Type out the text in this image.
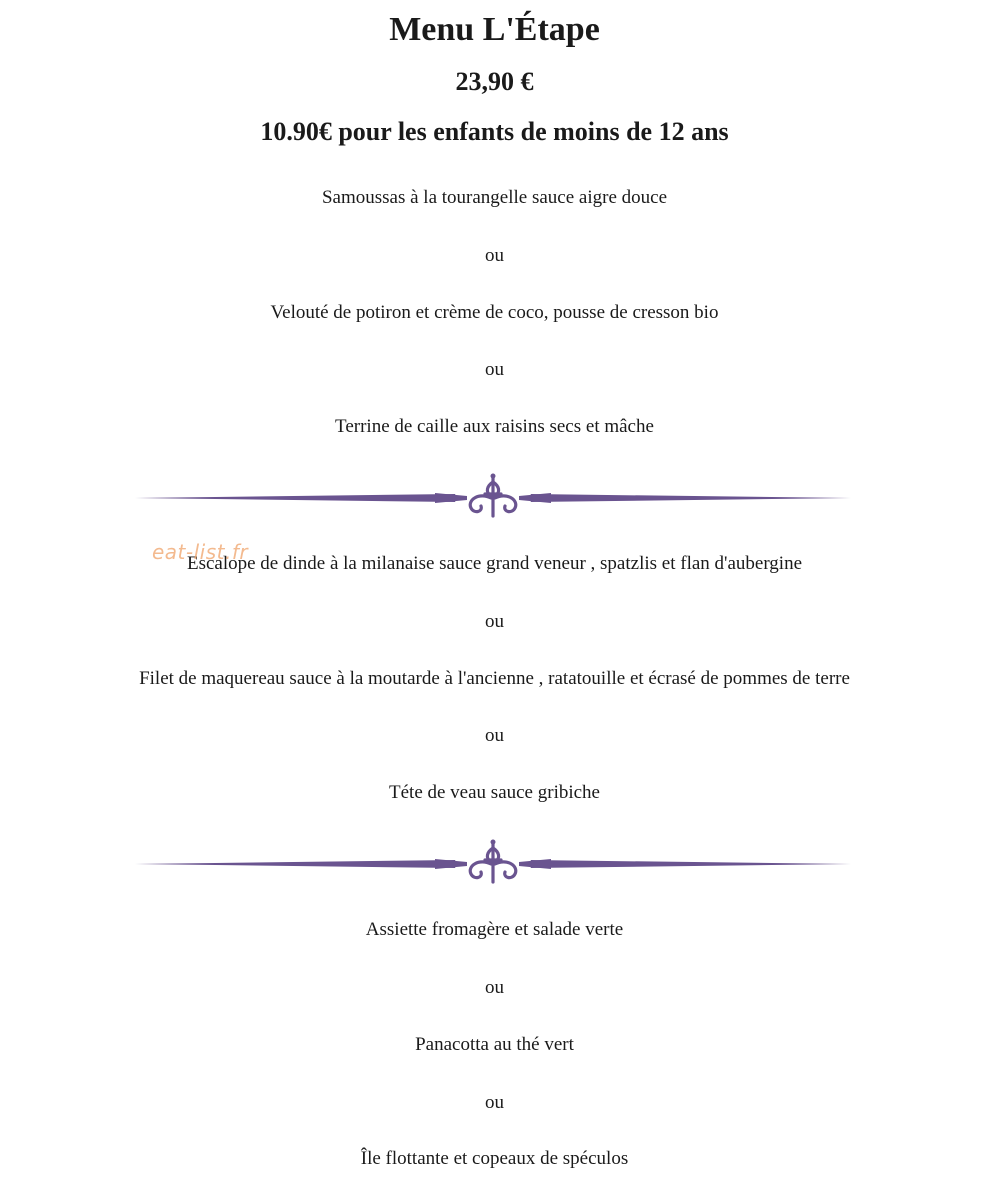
Menu L'Étape
23,90 €
10.90€ pour les enfants de moins de 12 ans
Samoussas à la tourangelle sauce aigre douce
ou
Velouté de potiron et crème de coco, pousse de cresson bio
ou
Terrine de caille aux raisins secs et mâche
Escalope de dinde à la milanaise sauce grand veneur , spatzlis et flan d'aubergine
ou
Filet de maquereau sauce à la moutarde à l'ancienne , ratatouille et écrasé de pommes de terre
ou
Téte de veau sauce gribiche
Assiette fromagère et salade verte
ou
Panacotta au thé vert
ou
Île flottante et copeaux de spéculos
eat-list.fr
